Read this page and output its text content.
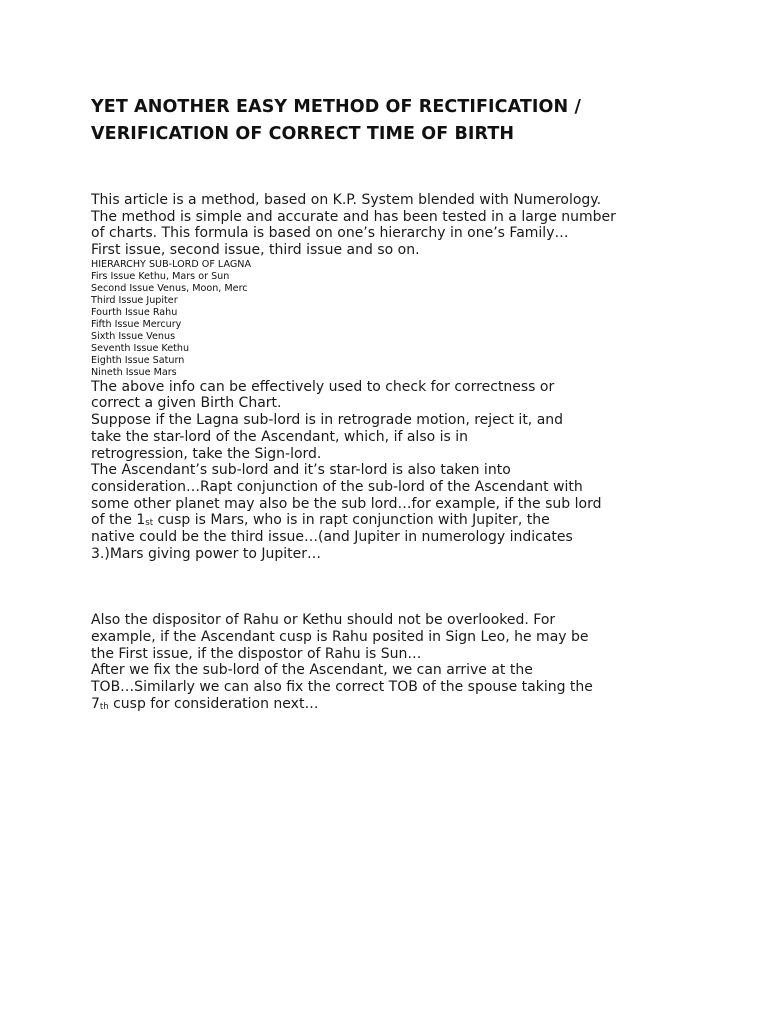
YET ANOTHER EASY METHOD OF RECTIFICATION /
VERIFICATION OF CORRECT TIME OF BIRTH
This article is a method, based on K.P. System blended with Numerology.
The method is simple and accurate and has been tested in a large number
of charts. This formula is based on one’s hierarchy in one’s Family…
First issue, second issue, third issue and so on.
HIERARCHY SUB-LORD OF LAGNA
Firs Issue Kethu, Mars or Sun
Second Issue Venus, Moon, Merc
Third Issue Jupiter
Fourth Issue Rahu
Fifth Issue Mercury
Sixth Issue Venus
Seventh Issue Kethu
Eighth Issue Saturn
Nineth Issue Mars
The above info can be effectively used to check for correctness or
correct a given Birth Chart.
Suppose if the Lagna sub-lord is in retrograde motion, reject it, and
take the star-lord of the Ascendant, which, if also is in
retrogression, take the Sign-lord.
The Ascendant’s sub-lord and it’s star-lord is also taken into
consideration…Rapt conjunction of the sub-lord of the Ascendant with
some other planet may also be the sub lord…for example, if the sub lord
of the $1_{st}$ cusp is Mars, who is in rapt conjunction with Jupiter, the
native could be the third issue…(and Jupiter in numerology indicates
3.)Mars giving power to Jupiter…
Also the dispositor of Rahu or Kethu should not be overlooked. For
example, if the Ascendant cusp is Rahu posited in Sign Leo, he may be
the First issue, if the dispostor of Rahu is Sun…
After we fix the sub-lord of the Ascendant, we can arrive at the
TOB…Similarly we can also fix the correct TOB of the spouse taking the
$7_{th}$ cusp for consideration next…
